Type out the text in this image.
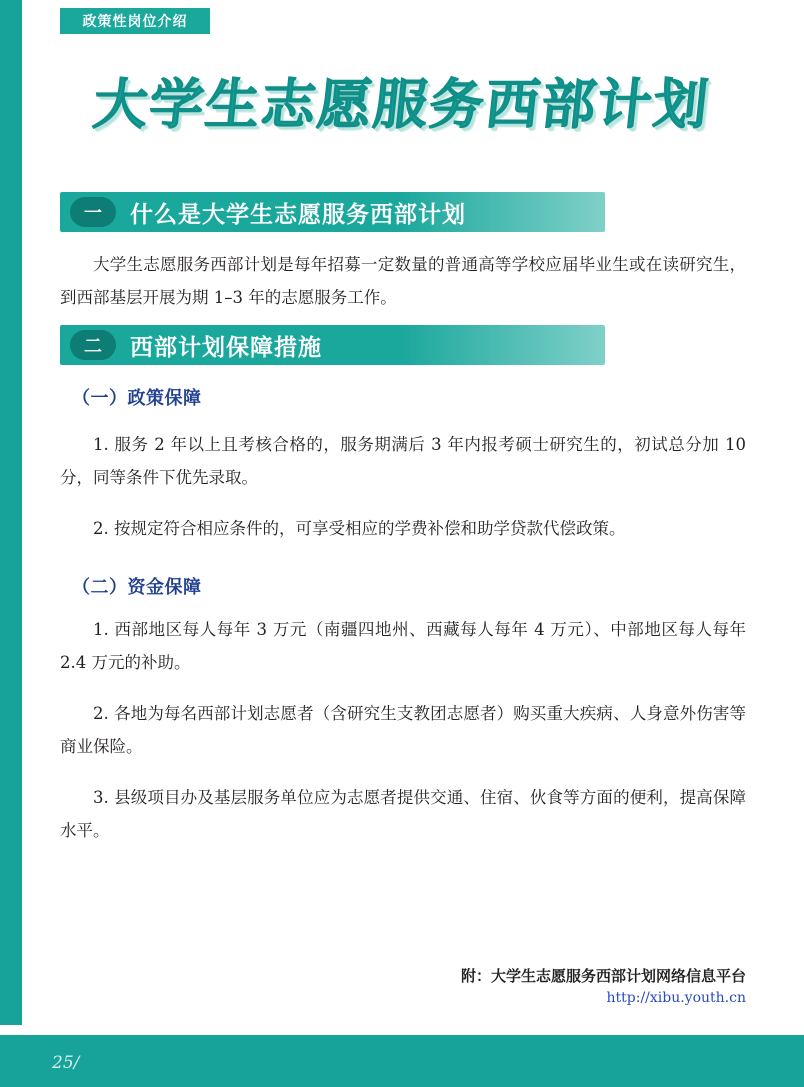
政策性岗位介绍
大学生志愿服务西部计划
一	什么是大学生志愿服务西部计划
大学生志愿服务西部计划是每年招募一定数量的普通高等学校应届毕业生或在读研究生，到西部基层开展为期 1–3 年的志愿服务工作。
二	西部计划保障措施
（一）政策保障
1. 服务 2 年以上且考核合格的，服务期满后 3 年内报考硕士研究生的，初试总分加 10 分，同等条件下优先录取。
2. 按规定符合相应条件的，可享受相应的学费补偿和助学贷款代偿政策。
（二）资金保障
1. 西部地区每人每年 3 万元（南疆四地州、西藏每人每年 4 万元）、中部地区每人每年 2.4 万元的补助。
2. 各地为每名西部计划志愿者（含研究生支教团志愿者）购买重大疾病、人身意外伤害等商业保险。
3. 县级项目办及基层服务单位应为志愿者提供交通、住宿、伙食等方面的便利，提高保障水平。
附：大学生志愿服务西部计划网络信息平台
http://xibu.youth.cn
25/
